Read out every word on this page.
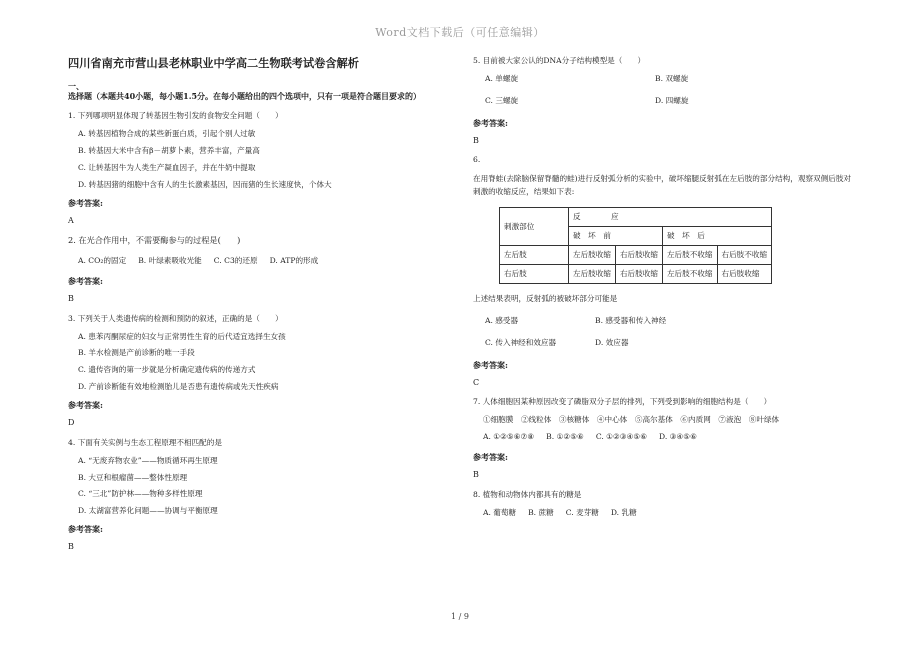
Word文档下载后（可任意编辑）
四川省南充市营山县老林职业中学高二生物联考试卷含解析
一、
选择题（本题共40小题，每小题1.5分。在每小题给出的四个选项中，只有一项是符合题目要求的）
1. 下列哪项明显体现了转基因生物引发的食物安全问题（　　）
A. 转基因植物合成的某些新蛋白质，引起个别人过敏
B. 转基因大米中含有β－胡萝卜素，营养丰富，产量高
C. 让转基因牛为人类生产凝血因子，并在牛奶中提取
D. 转基因猪的细胞中含有人的生长激素基因，因而猪的生长速度快，个体大
参考答案:
A
2. 在光合作用中，不需要酶参与的过程是(　　)
A. CO₂的固定 B. 叶绿素吸收光能 C. C3的还原 D. ATP的形成
参考答案:
B
3. 下列关于人类遗传病的检测和预防的叙述，正确的是（　　）
A. 患苯丙酮尿症的妇女与正常男性生育的后代适宜选择生女孩
B. 羊水检测是产前诊断的唯一手段
C. 遗传咨询的第一步就是分析确定遗传病的传递方式
D. 产前诊断能有效地检测胎儿是否患有遗传病或先天性疾病
参考答案:
D
4. 下面有关实例与生态工程原理不相匹配的是
A. “无废弃物农业”——物质循环再生原理
B. 大豆和根瘤菌——整体性原理
C. “三北”防护林——物种多样性原理
D. 太湖富营养化问题——协调与平衡原理
参考答案:
B
5. 目前被大家公认的DNA分子结构模型是（　　）
A. 单螺旋	B. 双螺旋
C. 三螺旋	D. 四螺旋
参考答案:
B
6.
在用脊蛙(去除脑保留脊髓的蛙)进行反射弧分析的实验中，破坏缩腿反射弧在左后肢的部分结构，观察双侧后肢对刺激的收缩反应，结果如下表:
刺激部位	反　　　　应			
	破　坏　前		破　坏　后	
左后肢	左后肢收缩	右后肢收缩	左后肢不收缩	右后肢不收缩
右后肢	左后肢收缩	右后肢收缩	左后肢不收缩	右后肢收缩
上述结果表明，反射弧的被破坏部分可能是
A. 感受器	B. 感受器和传入神经
C. 传入神经和效应器	D. 效应器
参考答案:
C
7. 人体细胞因某种原因改变了磷脂双分子层的排列，下列受到影响的细胞结构是（　　）
①细胞膜　②线粒体　③核糖体　④中心体　⑤高尔基体　⑥内质网　⑦液泡　⑧叶绿体
A. ①②⑤⑥⑦⑧ B. ①②⑤⑥ C. ①②③④⑤⑥ D. ③④⑤⑥
参考答案:
B
8. 植物和动物体内都具有的糖是
A. 葡萄糖 B. 蔗糖 C. 麦芽糖 D. 乳糖
1 / 9
